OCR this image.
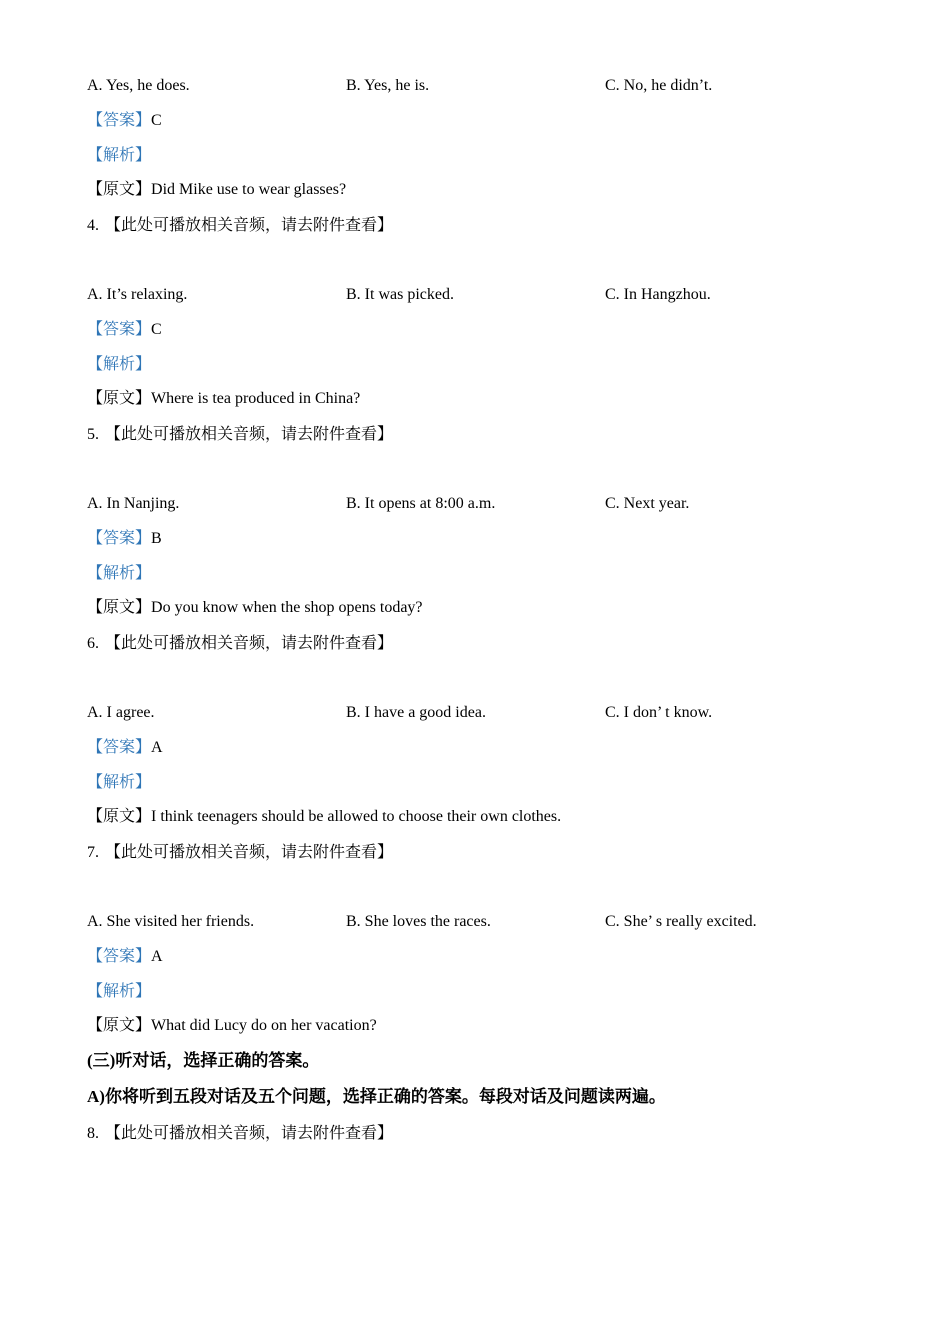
A. Yes, he does.	B. Yes, he is.	C. No, he didn’t.
【答案】C
【解析】
【原文】Did Mike use to wear glasses?
4. 【此处可播放相关音频，请去附件查看】
A. It’s relaxing.	B. It was picked.	C. In Hangzhou.
【答案】C
【解析】
【原文】Where is tea produced in China?
5. 【此处可播放相关音频，请去附件查看】
A. In Nanjing.	B. It opens at 8:00 a.m.	C. Next year.
【答案】B
【解析】
【原文】Do you know when the shop opens today?
6. 【此处可播放相关音频，请去附件查看】
A. I agree.	B. I have a good idea.	C. I don’ t know.
【答案】A
【解析】
【原文】I think teenagers should be allowed to choose their own clothes.
7. 【此处可播放相关音频，请去附件查看】
A. She visited her friends.	B. She loves the races.	C. She’ s really excited.
【答案】A
【解析】
【原文】What did Lucy do on her vacation?
(三)听对话，选择正确的答案。
A)你将听到五段对话及五个问题，选择正确的答案。每段对话及问题读两遍。
8. 【此处可播放相关音频，请去附件查看】
